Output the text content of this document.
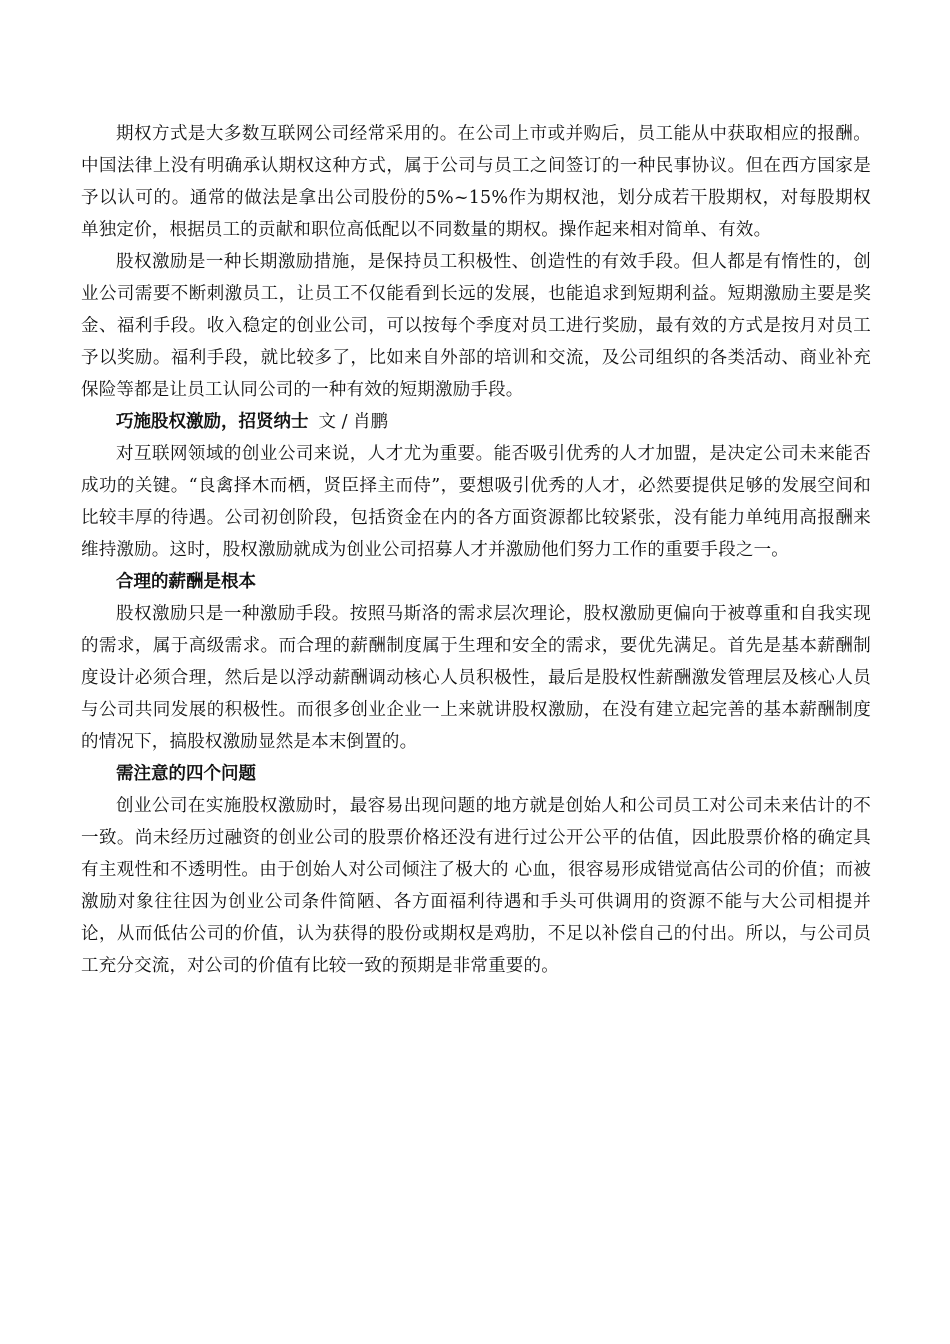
期权方式是大多数互联网公司经常采用的。在公司上市或并购后，员工能从中获取相应的报酬。中国法律上没有明确承认期权这种方式，属于公司与员工之间签订的一种民事协议。但在西方国家是予以认可的。通常的做法是拿出公司股份的5%~15%作为期权池，划分成若干股期权，对每股期权单独定价，根据员工的贡献和职位高低配以不同数量的期权。操作起来相对简单、有效。

股权激励是一种长期激励措施，是保持员工积极性、创造性的有效手段。但人都是有惰性的，创业公司需要不断刺激员工，让员工不仅能看到长远的发展，也能追求到短期利益。短期激励主要是奖金、福利手段。收入稳定的创业公司，可以按每个季度对员工进行奖励，最有效的方式是按月对员工予以奖励。福利手段，就比较多了，比如来自外部的培训和交流，及公司组织的各类活动、商业补充保险等都是让员工认同公司的一种有效的短期激励手段。

巧施股权激励，招贤纳士 文 / 肖鹏

对互联网领域的创业公司来说，人才尤为重要。能否吸引优秀的人才加盟，是决定公司未来能否成功的关键。“良禽择木而栖，贤臣择主而侍”，要想吸引优秀的人才，必然要提供足够的发展空间和比较丰厚的待遇。公司初创阶段，包括资金在内的各方面资源都比较紧张，没有能力单纯用高报酬来维持激励。这时，股权激励就成为创业公司招募人才并激励他们努力工作的重要手段之一。

合理的薪酬是根本

股权激励只是一种激励手段。按照马斯洛的需求层次理论，股权激励更偏向于被尊重和自我实现的需求，属于高级需求。而合理的薪酬制度属于生理和安全的需求，要优先满足。首先是基本薪酬制度设计必须合理，然后是以浮动薪酬调动核心人员积极性，最后是股权性薪酬激发管理层及核心人员与公司共同发展的积极性。而很多创业企业一上来就讲股权激励，在没有建立起完善的基本薪酬制度的情况下，搞股权激励显然是本末倒置的。

需注意的四个问题

创业公司在实施股权激励时，最容易出现问题的地方就是创始人和公司员工对公司未来估计的不一致。尚未经历过融资的创业公司的股票价格还没有进行过公开公平的估值，因此股票价格的确定具有主观性和不透明性。由于创始人对公司倾注了极大的 心血，很容易形成错觉高估公司的价值；而被激励对象往往因为创业公司条件简陋、各方面福利待遇和手头可供调用的资源不能与大公司相提并论，从而低估公司的价值，认为获得的股份或期权是鸡肋，不足以补偿自己的付出。所以，与公司员工充分交流，对公司的价值有比较一致的预期是非常重要的。
